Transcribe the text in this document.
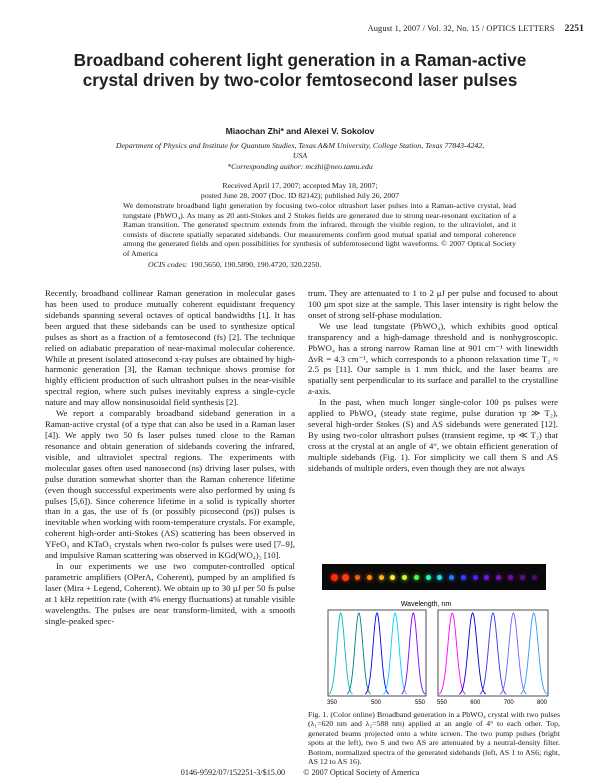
August 1, 2007 / Vol. 32, No. 15 / OPTICS LETTERS 2251
Broadband coherent light generation in a Raman-active crystal driven by two-color femtosecond laser pulses
Miaochan Zhi* and Alexei V. Sokolov
Department of Physics and Institute for Quantum Studies, Texas A&M University, College Station, Texas 77843-4242, USA
*Corresponding author: mczhi@neo.tamu.edu
Received April 17, 2007; accepted May 18, 2007;
posted June 28, 2007 (Doc. ID 82142); published July 26, 2007

We demonstrate broadband light generation by focusing two-color ultrashort laser pulses into a Raman-active crystal, lead tungstate (PbWO₄). As many as 20 anti-Stokes and 2 Stokes fields are generated due to strong near-resonant excitation of a Raman transition. The generated spectrum extends from the infrared, through the visible region, to the ultraviolet, and it consists of discrete spatially separated sidebands. Our measurements confirm good mutual spatial and temporal coherence among the generated fields and open possibilities for synthesis of subfemtosecond light waveforms. © 2007 Optical Society of America

OCIS codes: 190.5650, 190.5890, 190.4720, 320.2250.

Recently, broadband collinear Raman generation in molecular gases has been used to produce mutually coherent equidistant frequency sidebands spanning several octaves of optical bandwidths [1]. It has been argued that these sidebands can be used to synthesize optical pulses as short as a fraction of a femtosecond (fs) [2]. The technique relied on adiabatic preparation of near-maximal molecular coherence. While at present isolated attosecond x-ray pulses are obtained by high-harmonic generation [3], the Raman technique shows promise for highly efficient production of such ultrashort pulses in the near-visible spectral region, where such pulses inevitably express a single-cycle nature and may allow nonsinusoidal field synthesis [2].

We report a comparably broadband sideband generation in a Raman-active crystal (of a type that can also be used in a Raman laser [4]). We apply two 50 fs laser pulses tuned close to the Raman resonance and obtain generation of sidebands covering the infrared, visible, and ultraviolet spectral regions. The experiments with molecular gases often used nanosecond (ns) driving laser pulses, with pulse duration somewhat shorter than the Raman coherence lifetime (even though successful experiments were also performed by using fs pulses [5,6]). Since coherence lifetime in a solid is typically shorter than in a gas, the use of fs (or possibly picosecond (ps)) pulses is inevitable when working with room-temperature crystals. For example, coherent high-order anti-Stokes (AS) scattering has been observed in YFeO₃ and KTaO₃ crystals when two-color fs pulses were used [7–9], and impulsive Raman scattering was observed in KGd(WO₄)₂ [10].

In our experiments we use two computer-controlled optical parametric amplifiers (OPerA, Coherent), pumped by an amplified fs laser (Mira + Legend, Coherent). We obtain up to 30 μJ per 50 fs pulse at 1 kHz repetition rate (with 4% energy fluctuations) at tunable visible wavelengths. The pulses are near transform-limited, with a smooth single-peaked spec-

trum. They are attenuated to 1 to 2 μJ per pulse and focused to about 100 μm spot size at the sample. This laser intensity is right below the onset of strong self-phase modulation.

We use lead tungstate (PbWO₄), which exhibits good optical transparency and a high-damage threshold and is nonhygroscopic. PbWO₄ has a strong narrow Raman line at 901 cm⁻¹ with linewidth ΔνR = 4.3 cm⁻¹, which corresponds to a phonon relaxation time T₂ ≈ 2.5 ps [11]. Our sample is 1 mm thick, and the laser beams are spatially sent perpendicular to its surface and parallel to the crystalline a-axis.

In the past, when much longer single-color 100 ps pulses were applied to PbWO₄ (steady state regime, pulse duration τp ≫ T₂), several high-order Stokes (S) and AS sidebands were generated [12]. By using two-color ultrashort pulses (transient regime, τp ≪ T₂) that cross at the crystal at an angle of 4°, we obtain efficient generation of multiple sidebands (Fig. 1). For simplicity we call them S and AS sidebands of multiple orders, even though they are not always

Wavelength, nm
350	500	550 550	600	700	800

Fig. 1. (Color online) Broadband generation in a PbWO₄ crystal with two pulses (λ₁=620 nm and λ₂=588 nm) applied at an angle of 4° to each other. Top, generated beams projected onto a white screen. The two pump pulses (bright spots at the left), two S and two AS are attenuated by a neutral-density filter. Bottom, normalized spectra of the generated sidebands (left, AS 1 to AS6; right, AS 12 to AS 16).

0146-9592/07/152251-3/$15.00 © 2007 Optical Society of America
